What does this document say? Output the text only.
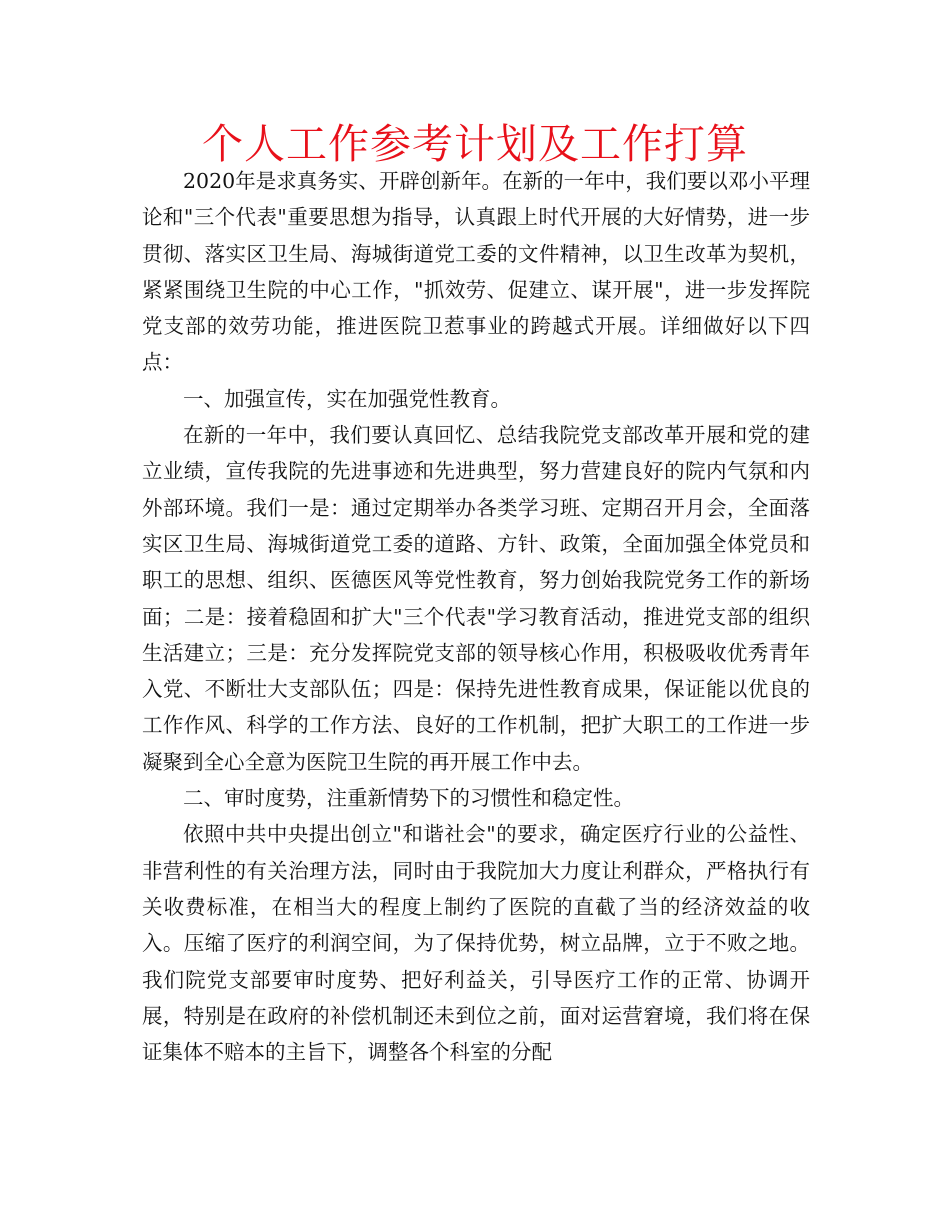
个人工作参考计划及工作打算

2020年是求真务实、开辟创新年。在新的一年中，我们要以邓小平理论和"三个代表"重要思想为指导，认真跟上时代开展的大好情势，进一步贯彻、落实区卫生局、海城街道党工委的文件精神，以卫生改革为契机，紧紧围绕卫生院的中心工作，"抓效劳、促建立、谋开展"，进一步发挥院党支部的效劳功能，推进医院卫惹事业的跨越式开展。详细做好以下四点：

一、加强宣传，实在加强党性教育。

在新的一年中，我们要认真回忆、总结我院党支部改革开展和党的建立业绩，宣传我院的先进事迹和先进典型，努力营建良好的院内气氛和内外部环境。我们一是：通过定期举办各类学习班、定期召开月会，全面落实区卫生局、海城街道党工委的道路、方针、政策，全面加强全体党员和职工的思想、组织、医德医风等党性教育，努力创始我院党务工作的新场面；二是：接着稳固和扩大"三个代表"学习教育活动，推进党支部的组织生活建立；三是：充分发挥院党支部的领导核心作用，积极吸收优秀青年入党、不断壮大支部队伍；四是：保持先进性教育成果，保证能以优良的工作作风、科学的工作方法、良好的工作机制，把扩大职工的工作进一步凝聚到全心全意为医院卫生院的再开展工作中去。

二、审时度势，注重新情势下的习惯性和稳定性。

依照中共中央提出创立"和谐社会"的要求，确定医疗行业的公益性、非营利性的有关治理方法，同时由于我院加大力度让利群众，严格执行有关收费标准，在相当大的程度上制约了医院的直截了当的经济效益的收入。压缩了医疗的利润空间，为了保持优势，树立品牌，立于不败之地。我们院党支部要审时度势、把好利益关，引导医疗工作的正常、协调开展，特别是在政府的补偿机制还未到位之前，面对运营窘境，我们将在保证集体不赔本的主旨下，调整各个科室的分配
